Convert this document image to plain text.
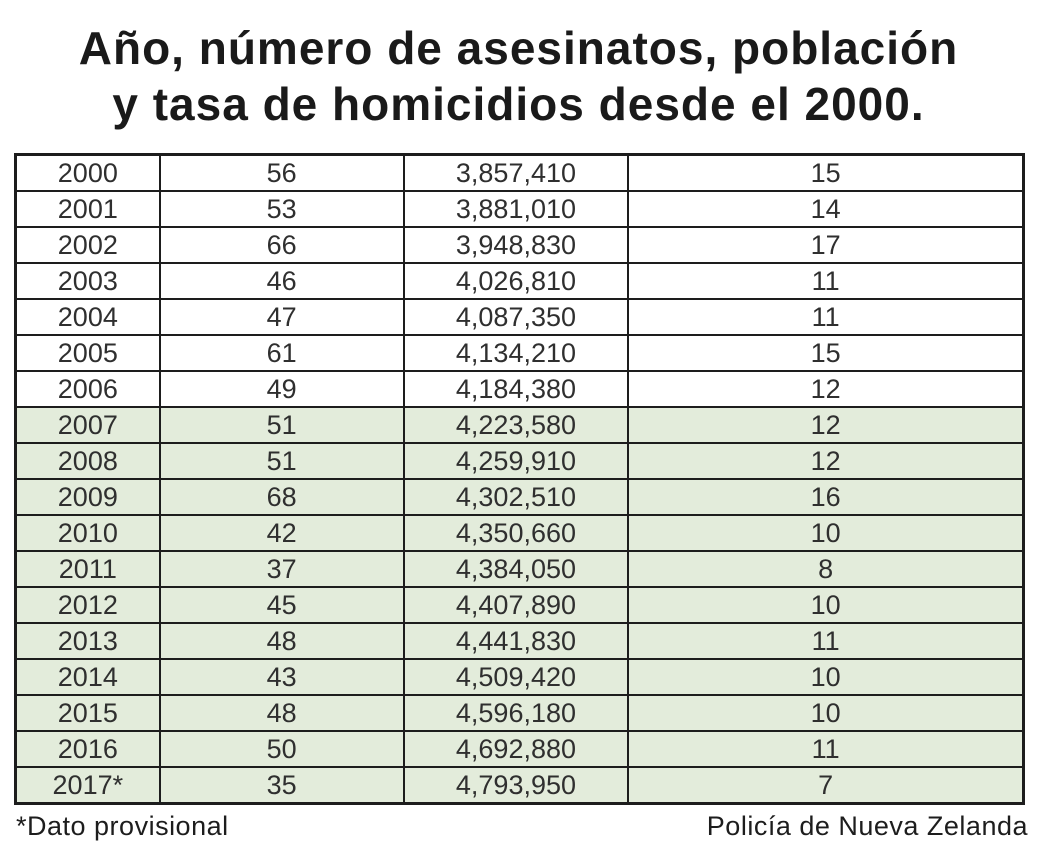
Año, número de asesinatos, población
y tasa de homicidios desde el 2000.
2000	56	3,857,410	15
2001	53	3,881,010	14
2002	66	3,948,830	17
2003	46	4,026,810	11
2004	47	4,087,350	11
2005	61	4,134,210	15
2006	49	4,184,380	12
2007	51	4,223,580	12
2008	51	4,259,910	12
2009	68	4,302,510	16
2010	42	4,350,660	10
2011	37	4,384,050	8
2012	45	4,407,890	10
2013	48	4,441,830	11
2014	43	4,509,420	10
2015	48	4,596,180	10
2016	50	4,692,880	11
2017*	35	4,793,950	7
*Dato provisional	Policía de Nueva Zelanda
